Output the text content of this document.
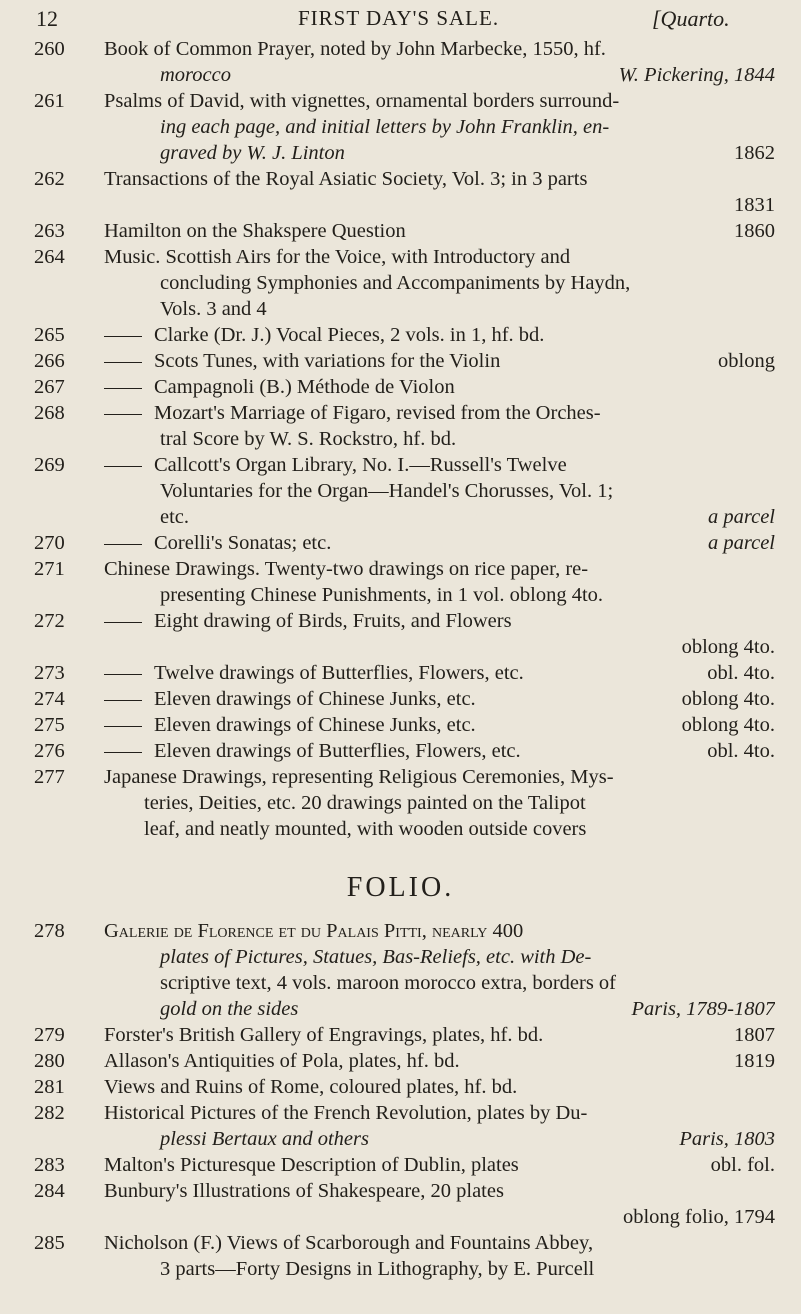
12	FIRST DAY'S SALE.	[Quarto.
260 Book of Common Prayer, noted by John Marbecke, 1550, hf.
morocco	W. Pickering, 1844
261 Psalms of David, with vignettes, ornamental borders surround-
ing each page, and initial letters by John Franklin, en-
graved by W. J. Linton	1862
262 Transactions of the Royal Asiatic Society, Vol. 3; in 3 parts
1831

263 Hamilton on the Shakspere Question	1860
264 Music. Scottish Airs for the Voice, with Introductory and
concluding Symphonies and Accompaniments by Haydn,
Vols. 3 and 4
265	Clarke (Dr. J.) Vocal Pieces, 2 vols. in 1, hf. bd.
266	Scots Tunes, with variations for the Violin	oblong
267	Campagnoli (B.) Méthode de Violon
268	Mozart's Marriage of Figaro, revised from the Orches-
tral Score by W. S. Rockstro, hf. bd.
269	Callcott's Organ Library, No. I.—Russell's Twelve
Voluntaries for the Organ—Handel's Chorusses, Vol. 1;
etc.	a parcel
270	Corelli's Sonatas; etc.	a parcel
271 Chinese Drawings. Twenty-two drawings on rice paper, re-
presenting Chinese Punishments, in 1 vol. oblong 4to.
272	Eight drawing of Birds, Fruits, and Flowers
oblong 4to.

273	Twelve drawings of Butterflies, Flowers, etc.	obl. 4to.
274	Eleven drawings of Chinese Junks, etc.	oblong 4to.
275	Eleven drawings of Chinese Junks, etc.	oblong 4to.
276	Eleven drawings of Butterflies, Flowers, etc.	obl. 4to.
277 Japanese Drawings, representing Religious Ceremonies, Mys-
teries, Deities, etc. 20 drawings painted on the Talipot
leaf, and neatly mounted, with wooden outside covers
FOLIO.
278 Galerie de Florence et du Palais Pitti, nearly 400
plates of Pictures, Statues, Bas-Reliefs, etc. with De-
scriptive text, 4 vols. maroon morocco extra, borders of
gold on the sides	Paris, 1789-1807
279 Forster's British Gallery of Engravings, plates, hf. bd.	1807
280 Allason's Antiquities of Pola, plates, hf. bd.	1819
281 Views and Ruins of Rome, coloured plates, hf. bd.
282 Historical Pictures of the French Revolution, plates by Du-
plessi Bertaux and others	Paris, 1803
283 Malton's Picturesque Description of Dublin, plates	obl. fol.
284 Bunbury's Illustrations of Shakespeare, 20 plates
oblong folio, 1794

285 Nicholson (F.) Views of Scarborough and Fountains Abbey,
3 parts—Forty Designs in Lithography, by E. Purcell
